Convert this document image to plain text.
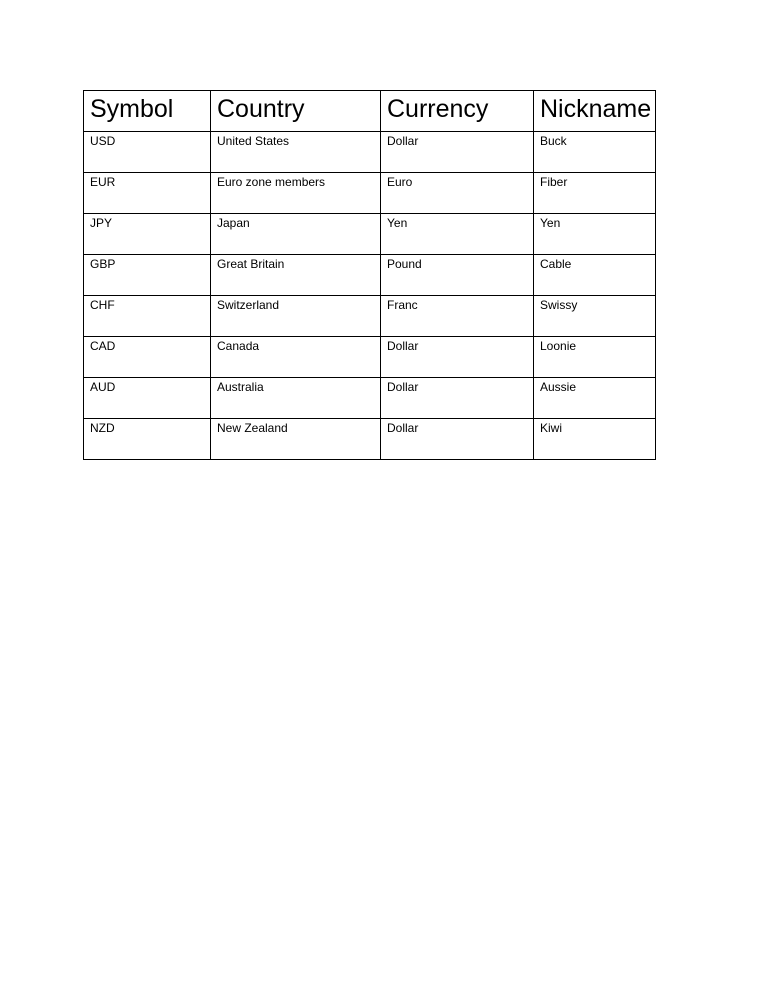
Symbol	Country	Currency	Nickname
USD	United States	Dollar	Buck
EUR	Euro zone members	Euro	Fiber
JPY	Japan	Yen	Yen
GBP	Great Britain	Pound	Cable
CHF	Switzerland	Franc	Swissy
CAD	Canada	Dollar	Loonie
AUD	Australia	Dollar	Aussie
NZD	New Zealand	Dollar	Kiwi
